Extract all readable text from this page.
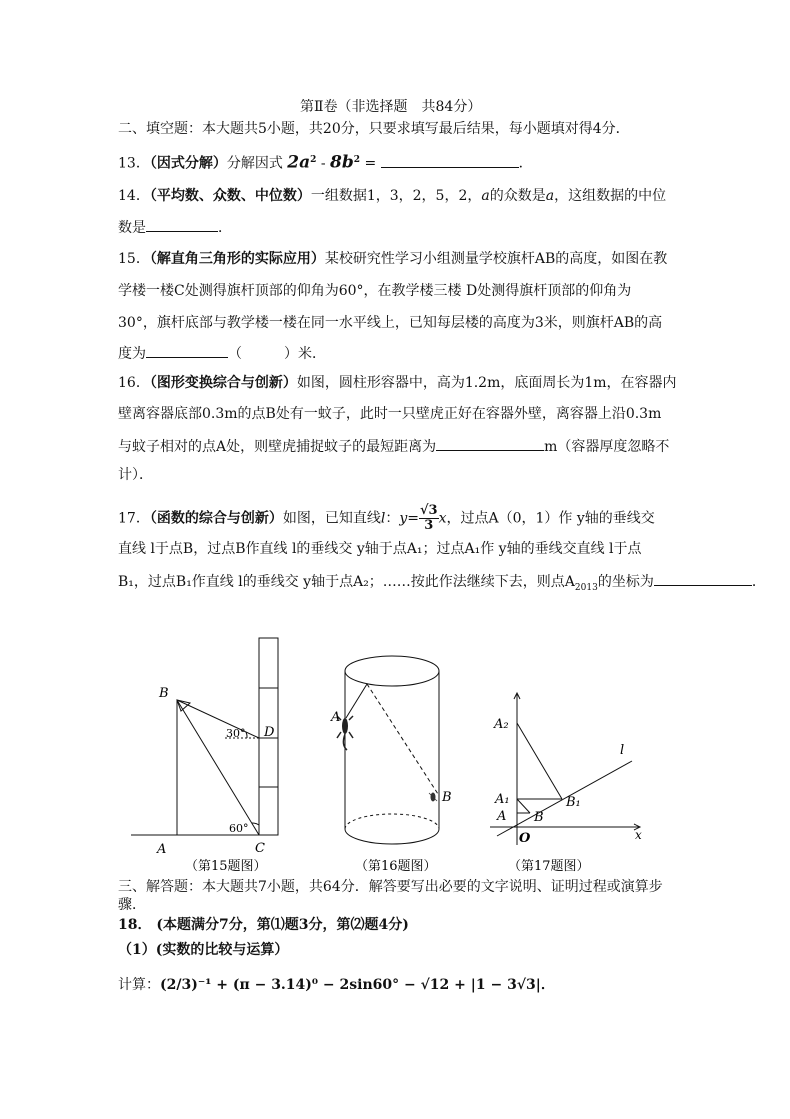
第Ⅱ卷（非选择题　共84分）
二、填空题：本大题共5小题，共20分，只要求填写最后结果，每小题填对得4分．
13．（因式分解）分解因式 $2a^2 - 8b^2$ =	．
14．（平均数、众数、中位数）一组数据1，3，2，5，2，a的众数是a，这组数据的中位
数是	．
15．（解直角三角形的实际应用）某校研究性学习小组测量学校旗杆AB的高度，如图在教
学楼一楼C处测得旗杆顶部的仰角为60°，在教学楼三楼 D处测得旗杆顶部的仰角为
30°，旗杆底部与教学楼一楼在同一水平线上，已知每层楼的高度为3米，则旗杆AB的高
度为	（　　　）米．
16．（图形变换综合与创新）如图，圆柱形容器中，高为1.2m，底面周长为1m，在容器内
壁离容器底部0.3m的点B处有一蚊子，此时一只壁虎正好在容器外壁，离容器上沿0.3m
与蚊子相对的点A处，则壁虎捕捉蚊子的最短距离为	m（容器厚度忽略不
计）．
17．（函数的综合与创新）如图，已知直线l：$y= \frac{√3}{3}$ x，过点A（0，1）作 y轴的垂线交
直线 l于点B，过点B作直线 l的垂线交 y轴于点A₁；过点A₁作 y轴的垂线交直线 l于点
B₁，过点B₁作直线 l的垂线交 y轴于点A₂；……按此作法继续下去，则点$A_{2013}$的坐标为	．
B
A	C
D
30°
60°
（第15题图）
A
B
（第16题图）
A₂
A₁
A B
B₁
O	x
l
（第17题图）
三、解答题：本大题共7小题，共64分．解答要写出必要的文字说明、证明过程或演算步
骤．
18． (本题满分7分，第⑴题3分，第⑵题4分)
（1）(实数的比较与运算）
计算：(2/3)⁻¹ + (π − 3.14)⁰ − 2sin60° − √12 + |1 − 3√3|．
